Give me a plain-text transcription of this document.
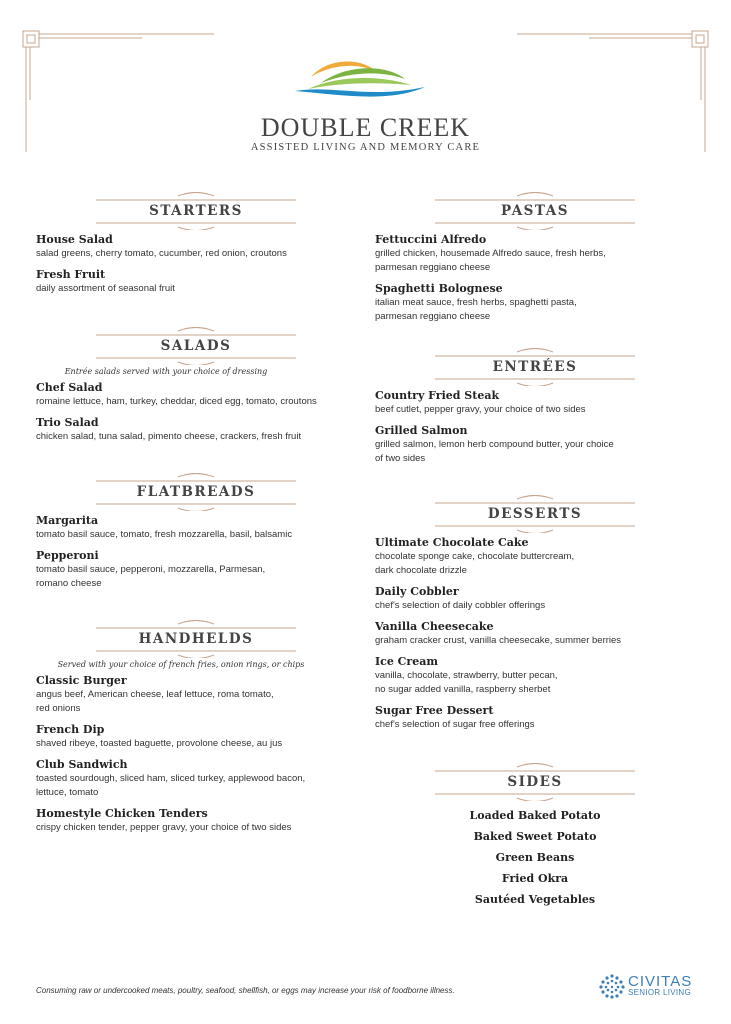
DOUBLE CREEK
ASSISTED LIVING AND MEMORY CARE
STARTERS
House Salad
salad greens, cherry tomato, cucumber, red onion, croutons
Fresh Fruit
daily assortment of seasonal fruit
SALADS
Entrée salads served with your choice of dressing
Chef Salad
romaine lettuce, ham, turkey, cheddar, diced egg, tomato, croutons
Trio Salad
chicken salad, tuna salad, pimento cheese, crackers, fresh fruit
FLATBREADS
Margarita
tomato basil sauce, tomato, fresh mozzarella, basil, balsamic
Pepperoni
tomato basil sauce, pepperoni, mozzarella, Parmesan,
romano cheese
HANDHELDS
Served with your choice of french fries, onion rings, or chips
Classic Burger
angus beef, American cheese, leaf lettuce, roma tomato,
red onions
French Dip
shaved ribeye, toasted baguette, provolone cheese, au jus
Club Sandwich
toasted sourdough, sliced ham, sliced turkey, applewood bacon,
lettuce, tomato
Homestyle Chicken Tenders
crispy chicken tender, pepper gravy, your choice of two sides
PASTAS
Fettuccini Alfredo
grilled chicken, housemade Alfredo sauce, fresh herbs,
parmesan reggiano cheese
Spaghetti Bolognese
italian meat sauce, fresh herbs, spaghetti pasta,
parmesan reggiano cheese
ENTRÉES
Country Fried Steak
beef cutlet, pepper gravy, your choice of two sides
Grilled Salmon
grilled salmon, lemon herb compound butter, your choice
of two sides
DESSERTS
Ultimate Chocolate Cake
chocolate sponge cake, chocolate buttercream,
dark chocolate drizzle
Daily Cobbler
chef's selection of daily cobbler offerings
Vanilla Cheesecake
graham cracker crust, vanilla cheesecake, summer berries
Ice Cream
vanilla, chocolate, strawberry, butter pecan,
no sugar added vanilla, raspberry sherbet
Sugar Free Dessert
chef's selection of sugar free offerings
SIDES
Loaded Baked Potato
Baked Sweet Potato
Green Beans
Fried Okra
Sautéed Vegetables
Consuming raw or undercooked meats, poultry, seafood, shellfish, or eggs may increase your risk of foodborne illness.
CIVITAS
SENIOR LIVING
